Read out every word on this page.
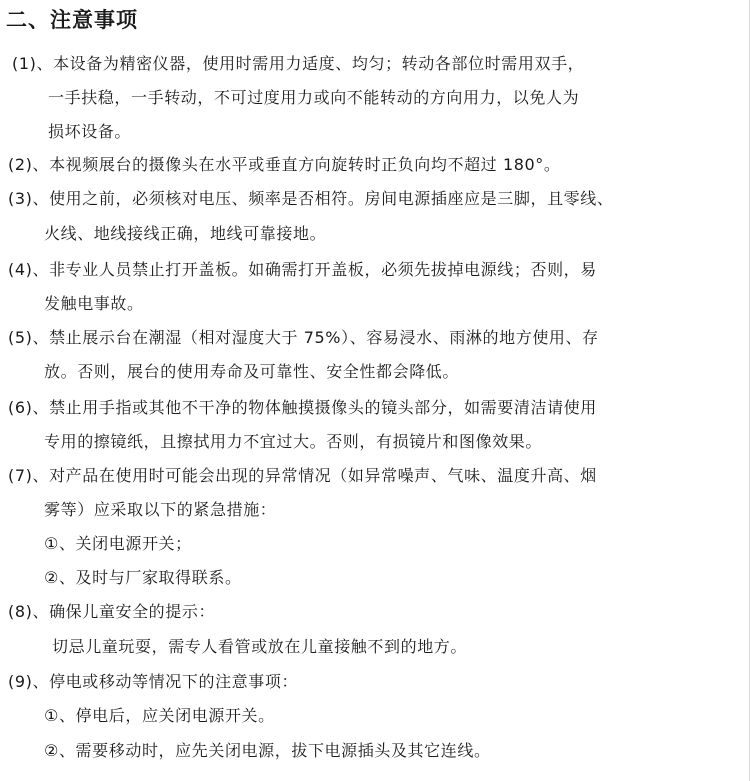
二、注意事项
(1)、本设备为精密仪器，使用时需用力适度、均匀；转动各部位时需用双手，
一手扶稳，一手转动，不可过度用力或向不能转动的方向用力，以免人为
损坏设备。
(2)、本视频展台的摄像头在水平或垂直方向旋转时正负向均不超过 180°。
(3)、使用之前，必须核对电压、频率是否相符。房间电源插座应是三脚，且零线、
火线、地线接线正确，地线可靠接地。
(4)、非专业人员禁止打开盖板。如确需打开盖板，必须先拔掉电源线；否则，易
发触电事故。
(5)、禁止展示台在潮湿（相对湿度大于 75%）、容易浸水、雨淋的地方使用、存
放。否则，展台的使用寿命及可靠性、安全性都会降低。
(6)、禁止用手指或其他不干净的物体触摸摄像头的镜头部分，如需要清洁请使用
专用的擦镜纸，且擦拭用力不宜过大。否则，有损镜片和图像效果。
(7)、对产品在使用时可能会出现的异常情况（如异常噪声、气味、温度升高、烟
雾等）应采取以下的紧急措施：
①、关闭电源开关；
②、及时与厂家取得联系。
(8)、确保儿童安全的提示：
切忌儿童玩耍，需专人看管或放在儿童接触不到的地方。
(9)、停电或移动等情况下的注意事项：
①、停电后，应关闭电源开关。
②、需要移动时，应先关闭电源，拔下电源插头及其它连线。
